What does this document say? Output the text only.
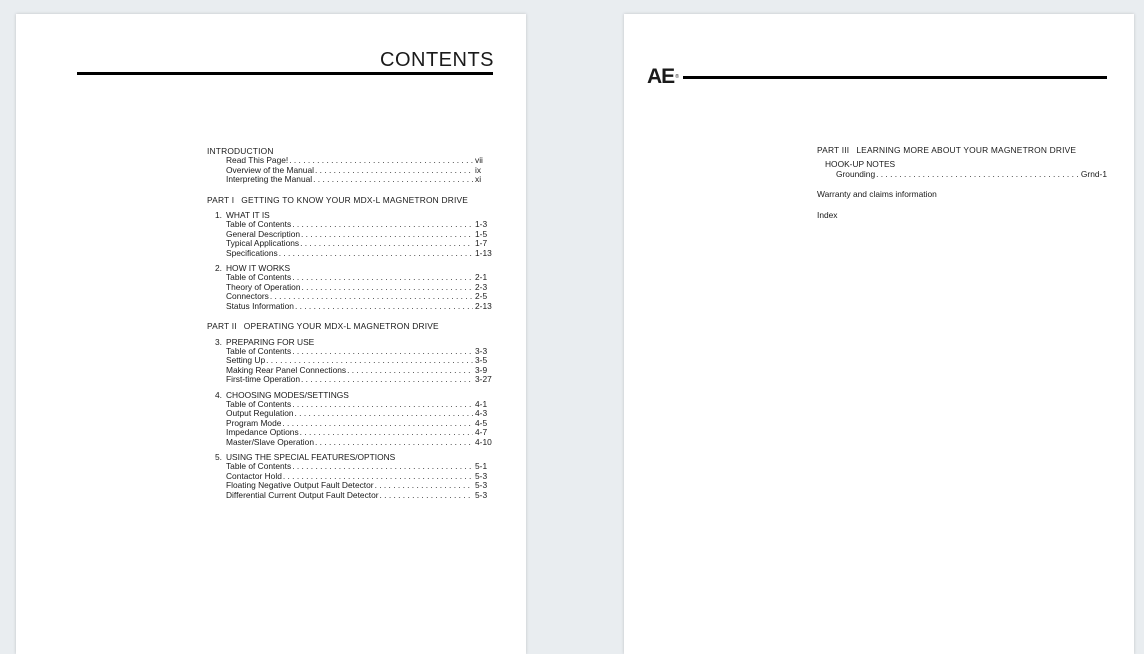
CONTENTS

INTRODUCTION

Read This Page! . . .	vii
Overview of the Manual . . .	ix
Interpreting the Manual . . .	xi

PART I GETTING TO KNOW YOUR MDX-L MAGNETRON DRIVE

1. WHAT IT IS
Table of Contents . . .	1-3
General Description . . .	1-5
Typical Applications . . .	1-7
Specifications . . .	1-13
2. HOW IT WORKS
Table of Contents . . .	2-1
Theory of Operation . . .	2-3
Connectors . . .	2-5
Status Information . . .	2-13

PART II OPERATING YOUR MDX-L MAGNETRON DRIVE

3. PREPARING FOR USE
Table of Contents . . .	3-3
Setting Up . . .	3-5
Making Rear Panel Connections . . .	3-9
First-time Operation . . .	3-27
4. CHOOSING MODES/SETTINGS
Table of Contents . . .	4-1
Output Regulation . . .	4-3
Program Mode . . .	4-5
Impedance Options . . .	4-7
Master/Slave Operation . . .	4-10
5. USING THE SPECIAL FEATURES/OPTIONS
Table of Contents . . .	5-1
Contactor Hold . . .	5-3
Floating Negative Output Fault Detector . . .	5-3
Differential Current Output Fault Detector . . .	5-3
AE®

PART III LEARNING MORE ABOUT YOUR MAGNETRON DRIVE

HOOK-UP NOTES
Grounding . . .	Grnd-1

Warranty and claims information

Index
